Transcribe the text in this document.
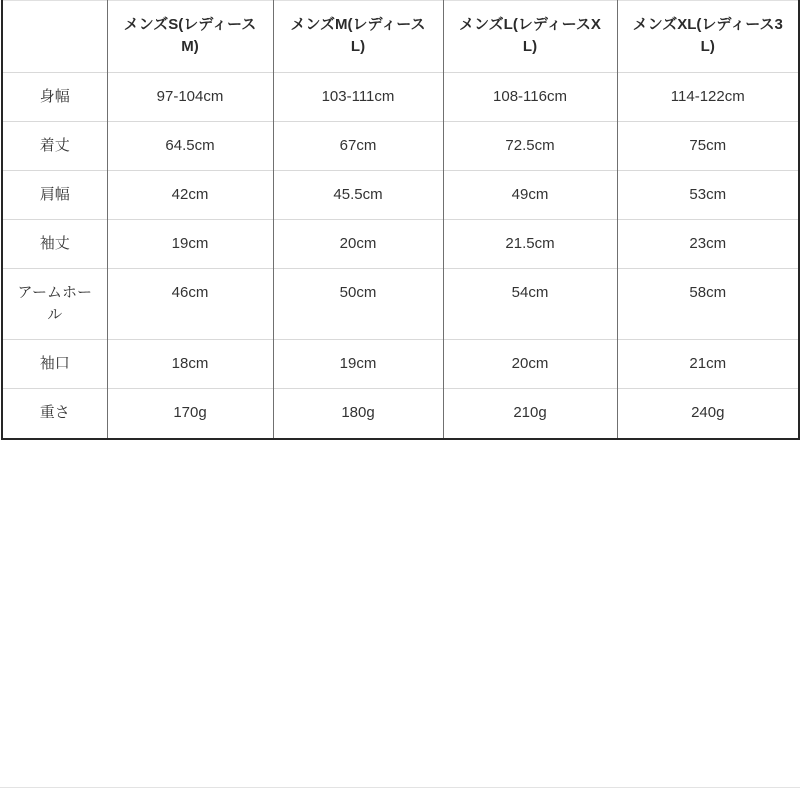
	メンズS(レディースM)	メンズM(レディースL)	メンズL(レディースXL)	メンズXL(レディース3L)
身幅	97-104cm	103-111cm	108-116cm	114-122cm
着丈	64.5cm	67cm	72.5cm	75cm
肩幅	42cm	45.5cm	49cm	53cm
袖丈	19cm	20cm	21.5cm	23cm
アームホール	46cm	50cm	54cm	58cm
袖口	18cm	19cm	20cm	21cm
重さ	170g	180g	210g	240g
